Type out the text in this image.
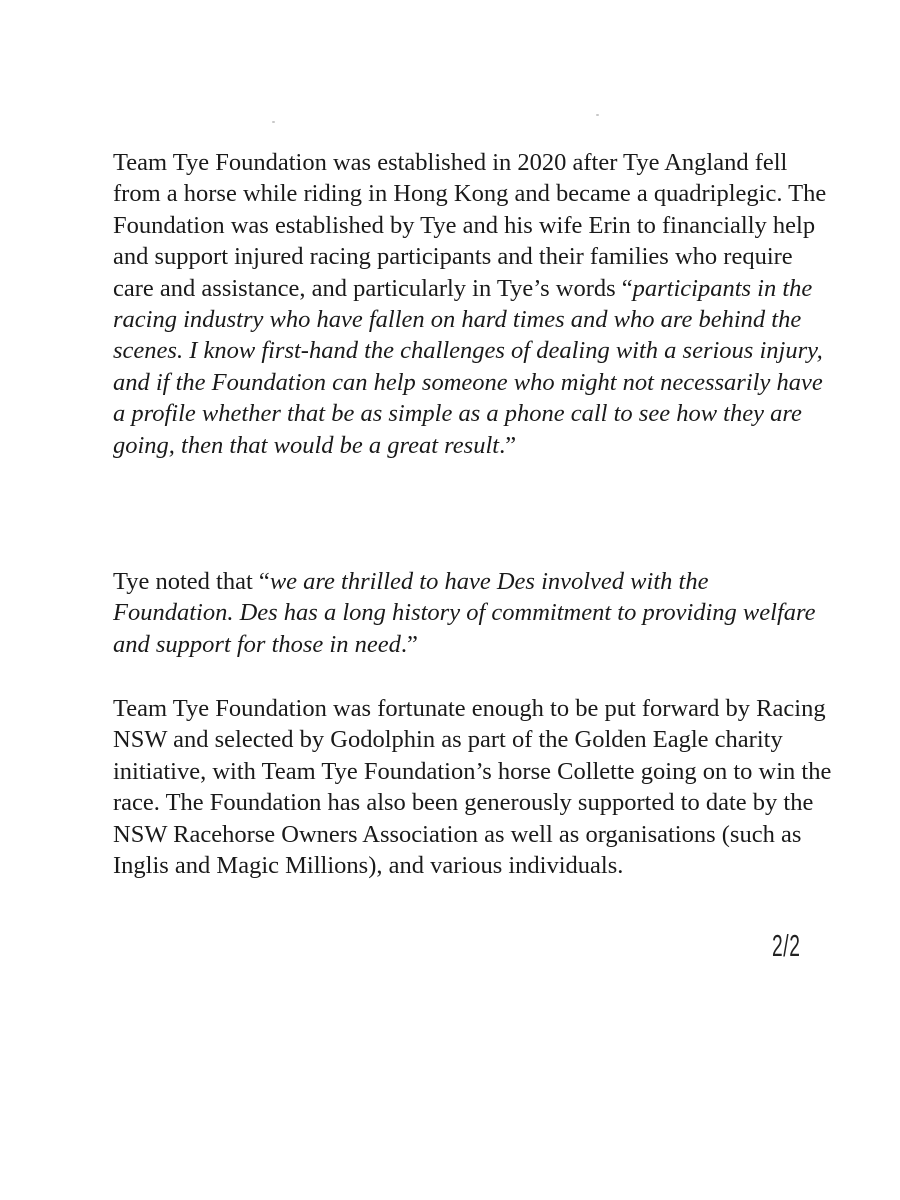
Team Tye Foundation was established in 2020 after Tye Angland fell from a horse while riding in Hong Kong and became a quadriplegic. The Foundation was established by Tye and his wife Erin to financially help and support injured racing participants and their families who require care and assistance, and particularly in Tye’s words “participants in the racing industry who have fallen on hard times and who are behind the scenes. I know first-hand the challenges of dealing with a serious injury, and if the Foundation can help someone who might not necessarily have a profile whether that be as simple as a phone call to see how they are going, then that would be a great result.”

Tye noted that “we are thrilled to have Des involved with the Foundation. Des has a long history of commitment to providing welfare and support for those in need.”

Team Tye Foundation was fortunate enough to be put forward by Racing NSW and selected by Godolphin as part of the Golden Eagle charity initiative, with Team Tye Foundation’s horse Collette going on to win the race. The Foundation has also been generously supported to date by the NSW Racehorse Owners Association as well as organisations (such as Inglis and Magic Millions), and various individuals.

2/2
